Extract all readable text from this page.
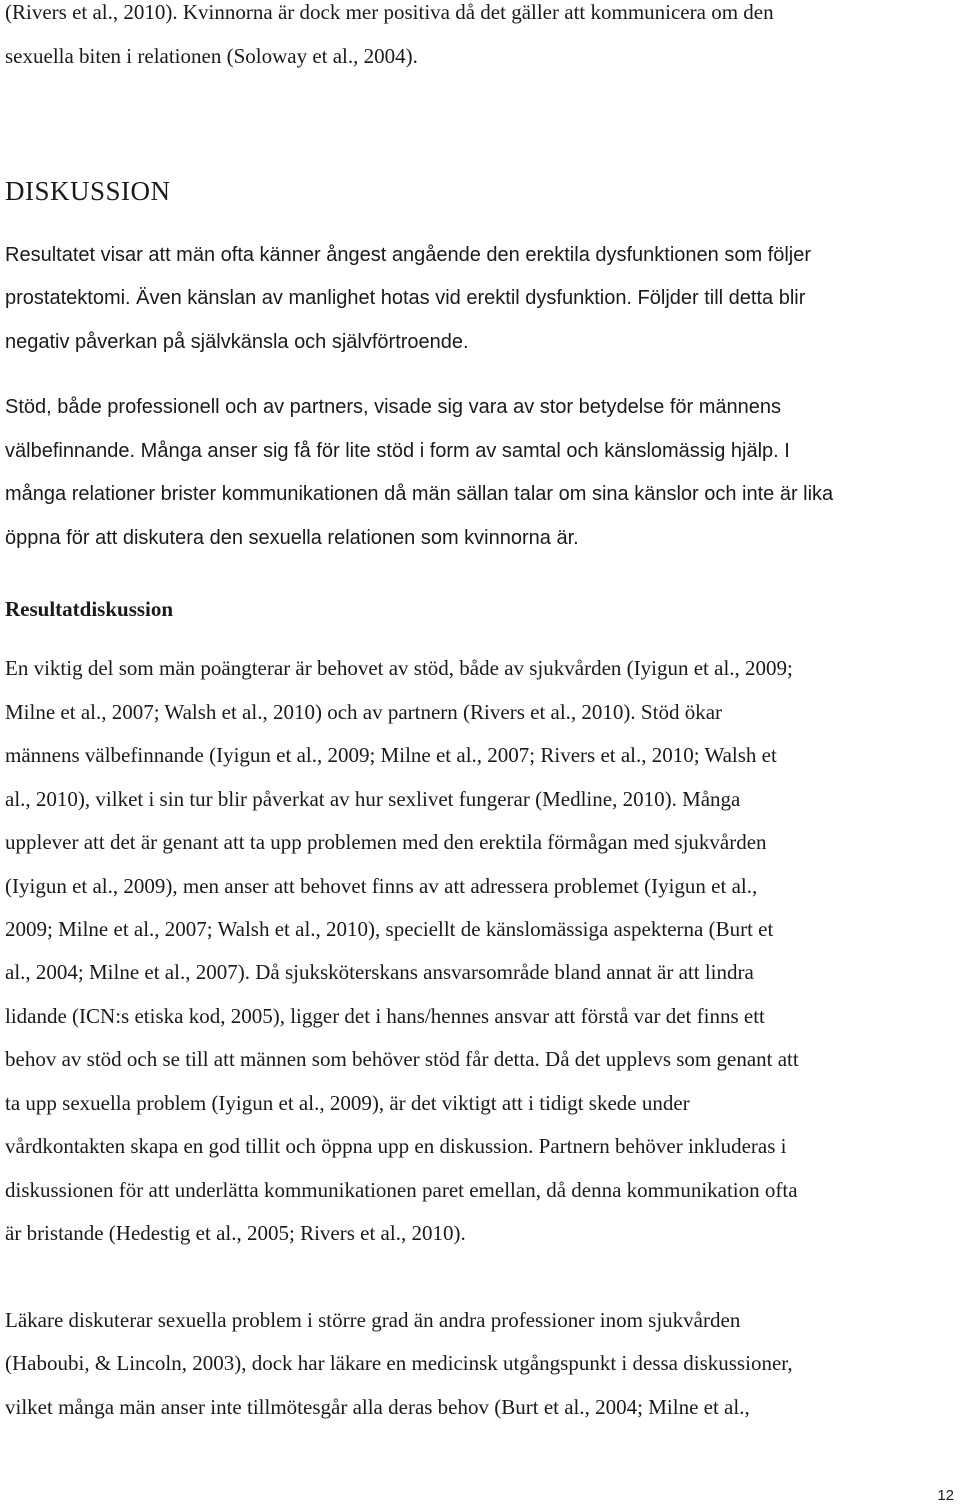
(Rivers et al., 2010). Kvinnorna är dock mer positiva då det gäller att kommunicera om den
sexuella biten i relationen (Soloway et al., 2004).
DISKUSSION
Resultatet visar att män ofta känner ångest angående den erektila dysfunktionen som följer
prostatektomi. Även känslan av manlighet hotas vid erektil dysfunktion. Följder till detta blir
negativ påverkan på självkänsla och självförtroende.
Stöd, både professionell och av partners, visade sig vara av stor betydelse för männens
välbefinnande. Många anser sig få för lite stöd i form av samtal och känslomässig hjälp. I
många relationer brister kommunikationen då män sällan talar om sina känslor och inte är lika
öppna för att diskutera den sexuella relationen som kvinnorna är.
Resultatdiskussion
En viktig del som män poängterar är behovet av stöd, både av sjukvården (Iyigun et al., 2009;
Milne et al., 2007; Walsh et al., 2010) och av partnern (Rivers et al., 2010). Stöd ökar
männens välbefinnande (Iyigun et al., 2009; Milne et al., 2007; Rivers et al., 2010; Walsh et
al., 2010), vilket i sin tur blir påverkat av hur sexlivet fungerar (Medline, 2010). Många
upplever att det är genant att ta upp problemen med den erektila förmågan med sjukvården
(Iyigun et al., 2009), men anser att behovet finns av att adressera problemet (Iyigun et al.,
2009; Milne et al., 2007; Walsh et al., 2010), speciellt de känslomässiga aspekterna (Burt et
al., 2004; Milne et al., 2007). Då sjuksköterskans ansvarsområde bland annat är att lindra
lidande (ICN:s etiska kod, 2005), ligger det i hans/hennes ansvar att förstå var det finns ett
behov av stöd och se till att männen som behöver stöd får detta. Då det upplevs som genant att
ta upp sexuella problem (Iyigun et al., 2009), är det viktigt att i tidigt skede under
vårdkontakten skapa en god tillit och öppna upp en diskussion. Partnern behöver inkluderas i
diskussionen för att underlätta kommunikationen paret emellan, då denna kommunikation ofta
är bristande (Hedestig et al., 2005; Rivers et al., 2010).
Läkare diskuterar sexuella problem i större grad än andra professioner inom sjukvården
(Haboubi, & Lincoln, 2003), dock har läkare en medicinsk utgångspunkt i dessa diskussioner,
vilket många män anser inte tillmötesgår alla deras behov (Burt et al., 2004; Milne et al.,
12
